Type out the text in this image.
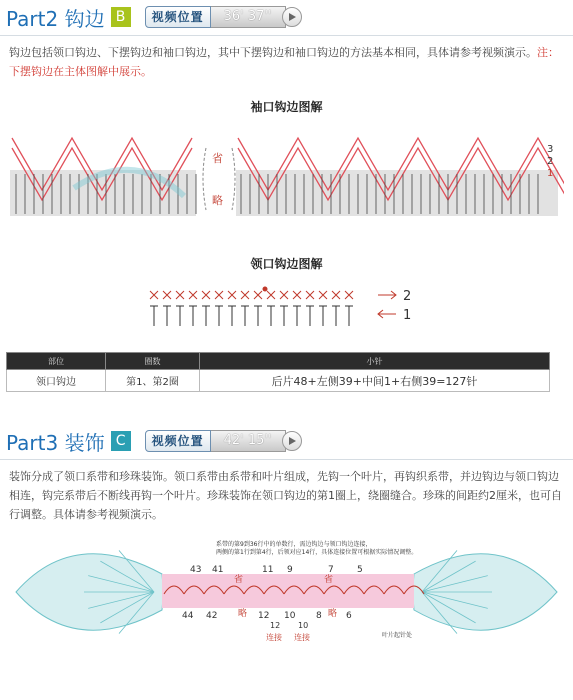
Part2 钩边 B	视频位置	36' 37''
钩边包括领口钩边、下摆钩边和袖口钩边，其中下摆钩边和袖口钩边的方法基本相同，具体请参考视频演示。注：下摆钩边在主体图解中展示。
袖口钩边图解
省
略
3
2
1
领口钩边图解
2
1
部位	圈数	小针
领口钩边	第1、第2圈	后片48+左侧39+中间1+右侧39=127针
Part3 装饰 C	视频位置	42' 15''
装饰分成了领口系带和珍珠装饰。领口系带由系带和叶片组成，先钩一个叶片，再钩织系带，并边钩边与领口钩边相连，钩完系带后不断线再钩一个叶片。珍珠装饰在领口钩边的第1圈上，绕圈缝合。珍珠的间距约2厘米，也可自行调整。具体请参考视频演示。
系带的第9到36行中的单数行，需边钩边与领口钩边连接，
两侧的第1行到第4行，后领对应14行，具体连接位置可根据实际情况调整。
43 41	11 9	7	5
44 42	12 10 8	6
省
略
省
略
连接 连接
12 10
叶片起针处
